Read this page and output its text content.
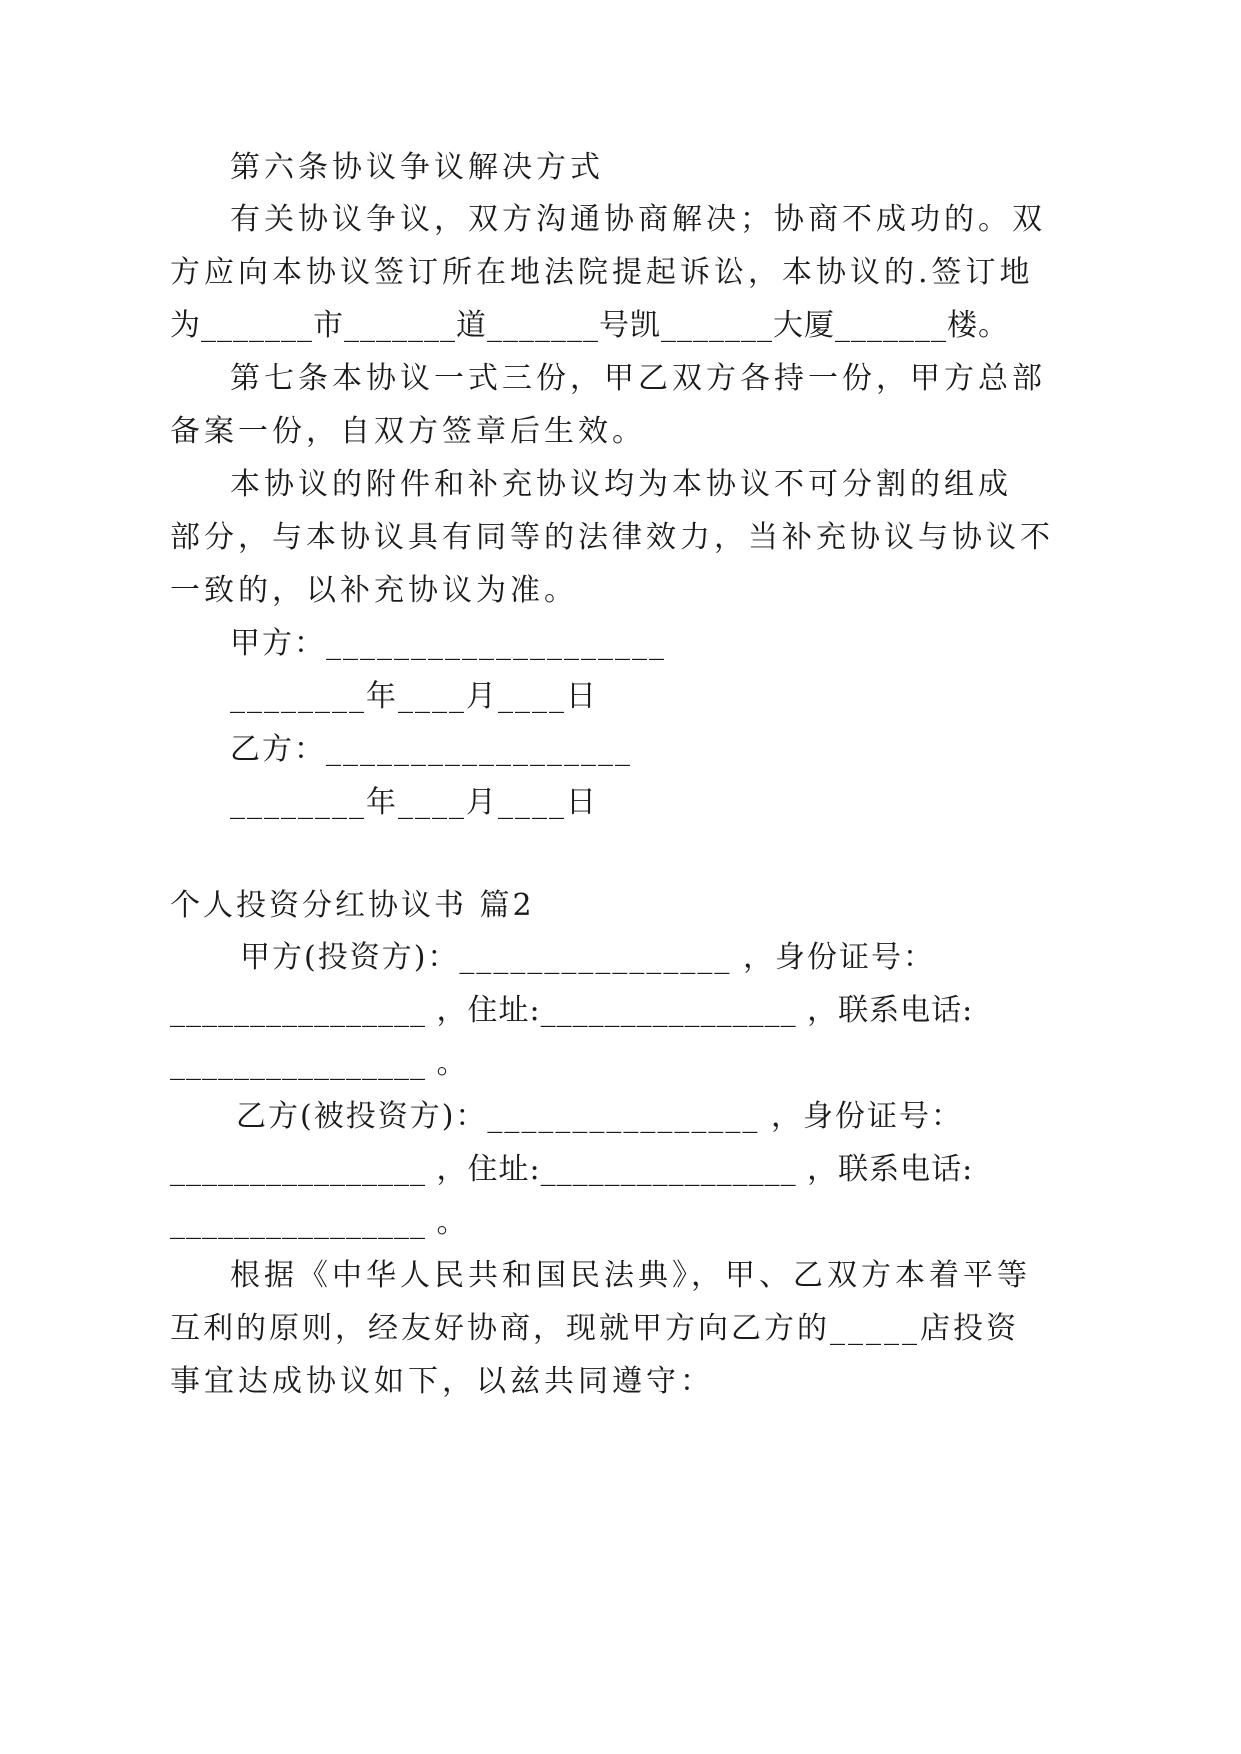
第六条协议争议解决方式

有关协议争议，双方沟通协商解决；协商不成功的。双

方应向本协议签订所在地法院提起诉讼，本协议的.签订地

为_______市_______道_______号凯_______大厦_______楼。

第七条本协议一式三份，甲乙双方各持一份，甲方总部

备案一份，自双方签章后生效。

本协议的附件和补充协议均为本协议不可分割的组成

部分，与本协议具有同等的法律效力，当补充协议与协议不

一致的，以补充协议为准。

甲方：____________________

________年____月____日

乙方：__________________

________年____月____日

个人投资分红协议书 篇2

甲方(投资方)：________________ ，身份证号：

________________ ，住址:________________ ，联系电话:

________________ 。

乙方(被投资方)：________________ ，身份证号：

________________ ，住址:________________ ，联系电话:

________________ 。

根据《中华人民共和国民法典》，甲、乙双方本着平等

互利的原则，经友好协商，现就甲方向乙方的_____店投资

事宜达成协议如下，以兹共同遵守：
